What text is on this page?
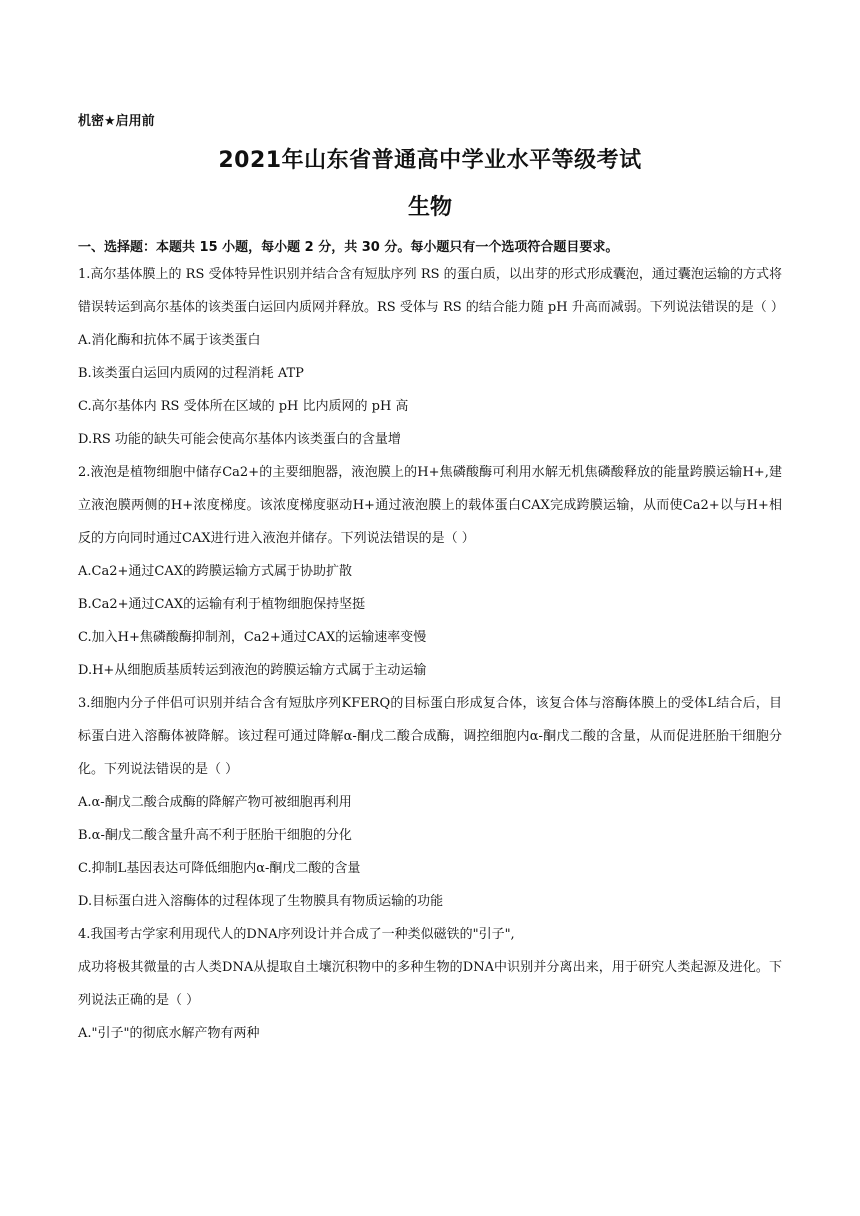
机密★启用前
2021年山东省普通高中学业水平等级考试
生物
一、选择题：本题共 15 小题，每小题 2 分，共 30 分。每小题只有一个选项符合题目要求。

1.高尔基体膜上的 RS 受体特异性识别并结合含有短肽序列 RS 的蛋白质，以出芽的形式形成囊泡，通过囊泡运输的方式将错误转运到高尔基体的该类蛋白运回内质网并释放。RS 受体与 RS 的结合能力随 pH 升高而减弱。下列说法错误的是（ ）

A.消化酶和抗体不属于该类蛋白

B.该类蛋白运回内质网的过程消耗 ATP

C.高尔基体内 RS 受体所在区域的 pH 比内质网的 pH 高

D.RS 功能的缺失可能会使高尔基体内该类蛋白的含量增

2.液泡是植物细胞中储存Ca2+的主要细胞器，液泡膜上的H+焦磷酸酶可利用水解无机焦磷酸释放的能量跨膜运输H+,建立液泡膜两侧的H+浓度梯度。该浓度梯度驱动H+通过液泡膜上的载体蛋白CAX完成跨膜运输，从而使Ca2+以与H+相反的方向同时通过CAX进行进入液泡并储存。下列说法错误的是（ ）

A.Ca2+通过CAX的跨膜运输方式属于协助扩散

B.Ca2+通过CAX的运输有利于植物细胞保持坚挺

C.加入H+焦磷酸酶抑制剂，Ca2+通过CAX的运输速率变慢

D.H+从细胞质基质转运到液泡的跨膜运输方式属于主动运输

3.细胞内分子伴侣可识别并结合含有短肽序列KFERQ的目标蛋白形成复合体，该复合体与溶酶体膜上的受体L结合后，目标蛋白进入溶酶体被降解。该过程可通过降解α-酮戊二酸合成酶，调控细胞内α-酮戊二酸的含量，从而促进胚胎干细胞分化。下列说法错误的是（ ）

A.α-酮戊二酸合成酶的降解产物可被细胞再利用

B.α-酮戊二酸含量升高不利于胚胎干细胞的分化

C.抑制L基因表达可降低细胞内α-酮戊二酸的含量

D.目标蛋白进入溶酶体的过程体现了生物膜具有物质运输的功能

4.我国考古学家利用现代人的DNA序列设计并合成了一种类似磁铁的"引子",

成功将极其微量的古人类DNA从提取自土壤沉积物中的多种生物的DNA中识别并分离出来，用于研究人类起源及进化。下列说法正确的是（ ）

A."引子"的彻底水解产物有两种
